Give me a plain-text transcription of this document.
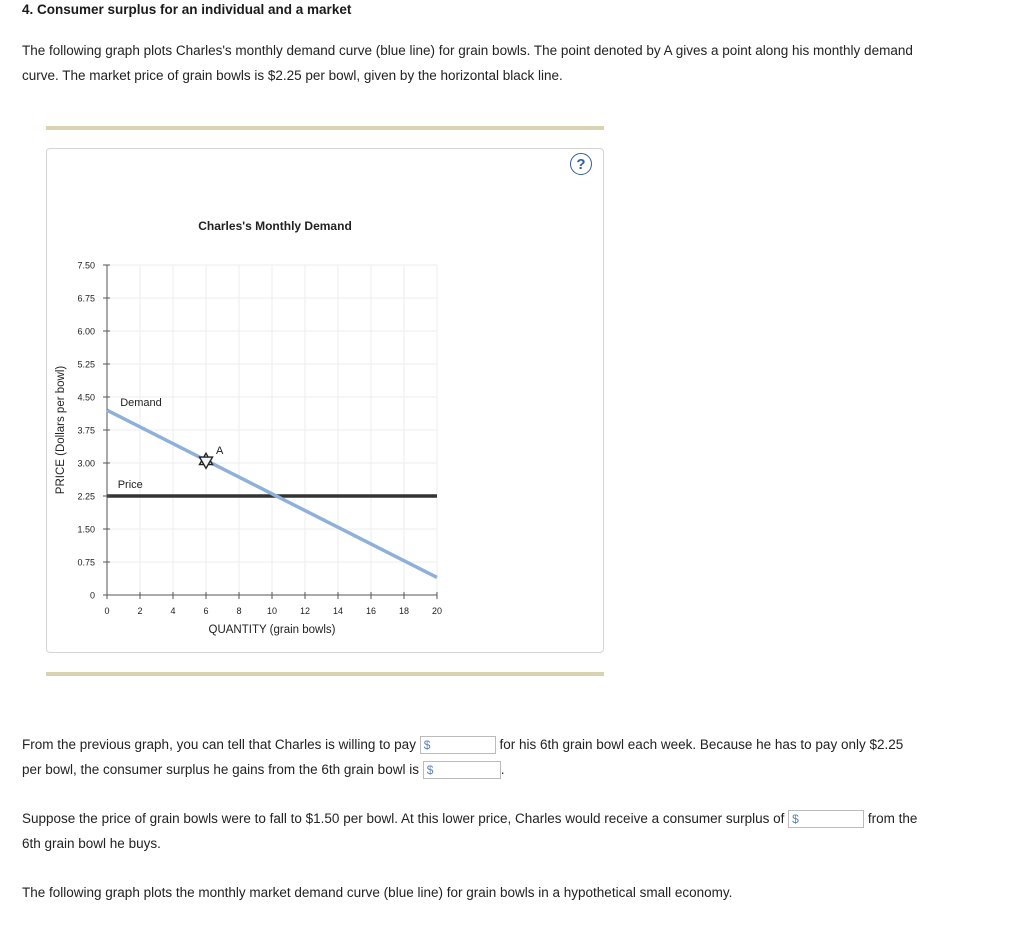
4. Consumer surplus for an individual and a market

The following graph plots Charles's monthly demand curve (blue line) for grain bowls. The point denoted by A gives a point along his monthly demand

curve. The market price of grain bowls is $2.25 per bowl, given by the horizontal black line.

?
Charles's Monthly Demand
Price
Demand
A
0
0.75
1.50
2.25
3.00
3.75
4.50
5.25
6.00
6.75
7.50
0	2	4	6	8	10	12	14	16	18	20
QUANTITY (grain bowls)
PRICE (Dollars per bowl)
From the previous graph, you can tell that Charles is willing to pay $	for his 6th grain bowl each week. Because he has to pay only $2.25
per bowl, the consumer surplus he gains from the 6th grain bowl is $	.
Suppose the price of grain bowls were to fall to $1.50 per bowl. At this lower price, Charles would receive a consumer surplus of $	from the

6th grain bowl he buys.

The following graph plots the monthly market demand curve (blue line) for grain bowls in a hypothetical small economy.
